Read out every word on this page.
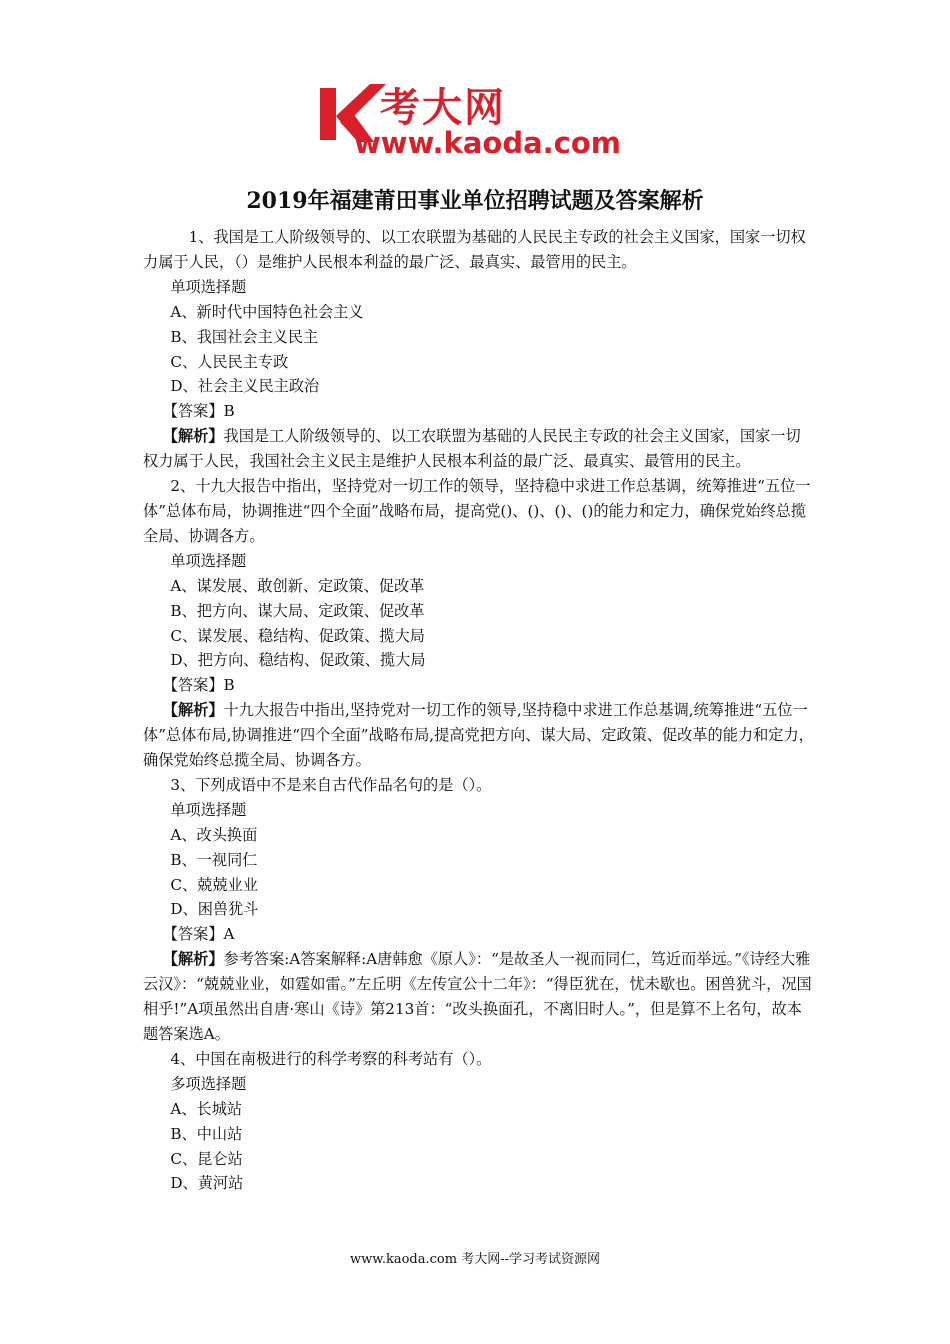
考大网
www.kaoda.com
2019年福建莆田事业单位招聘试题及答案解析

1、我国是工人阶级领导的、以工农联盟为基础的人民民主专政的社会主义国家，国家一切权力属于人民，（）是维护人民根本利益的最广泛、最真实、最管用的民主。

单项选择题

A、新时代中国特色社会主义

B、我国社会主义民主

C、人民民主专政

D、社会主义民主政治

【答案】B

【解析】我国是工人阶级领导的、以工农联盟为基础的人民民主专政的社会主义国家，国家一切权力属于人民，我国社会主义民主是维护人民根本利益的最广泛、最真实、最管用的民主。

2、十九大报告中指出，坚持党对一切工作的领导，坚持稳中求进工作总基调，统筹推进“五位一体”总体布局，协调推进“四个全面”战略布局，提高党()、()、()、()的能力和定力，确保党始终总揽全局、协调各方。

单项选择题

A、谋发展、敢创新、定政策、促改革

B、把方向、谋大局、定政策、促改革

C、谋发展、稳结构、促政策、揽大局

D、把方向、稳结构、促政策、揽大局

【答案】B

【解析】十九大报告中指出,坚持党对一切工作的领导,坚持稳中求进工作总基调,统筹推进“五位一体”总体布局,协调推进“四个全面”战略布局,提高党把方向、谋大局、定政策、促改革的能力和定力，确保党始终总揽全局、协调各方。

3、下列成语中不是来自古代作品名句的是（）。

单项选择题

A、改头换面

B、一视同仁

C、兢兢业业

D、困兽犹斗

【答案】A

【解析】参考答案:A答案解释:A唐韩愈《原人》：“是故圣人一视而同仁，笃近而举远。”《诗经大雅云汉》：“兢兢业业，如霆如雷。”左丘明《左传宣公十二年》：“得臣犹在，忧未歇也。困兽犹斗，况国相乎!”A项虽然出自唐·寒山《诗》第213首：“改头换面孔，不离旧时人。”，但是算不上名句，故本题答案选A。

4、中国在南极进行的科学考察的科考站有（）。

多项选择题

A、长城站

B、中山站

C、昆仑站

D、黄河站

www.kaoda.com 考大网--学习考试资源网
